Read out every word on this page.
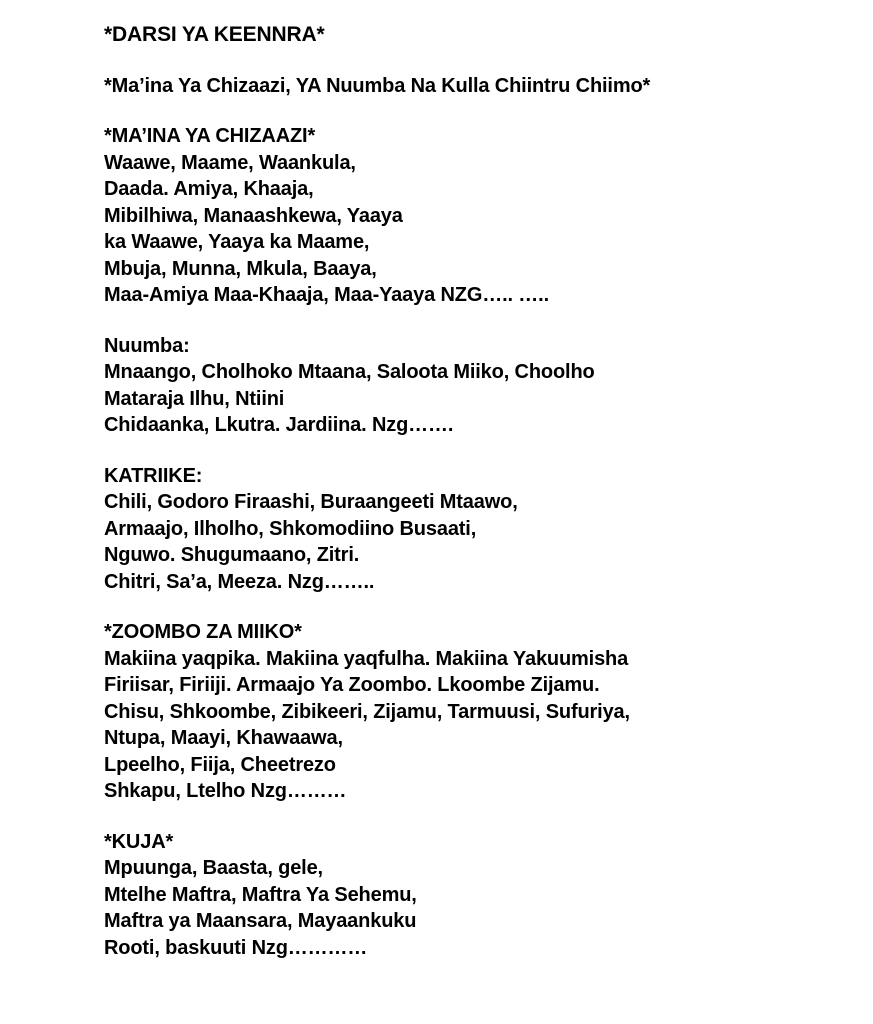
*DARSI YA KEENNRA*
*Ma’ina Ya Chizaazi, YA Nuumba Na Kulla Chiintru Chiimo*
*MA’INA YA CHIZAAZI*
Waawe, Maame, Waankula,
Daada. Amiya, Khaaja,
Mibilhiwa, Manaashkewa, Yaaya
ka Waawe, Yaaya ka Maame,
Mbuja, Munna, Mkula, Baaya,
Maa-Amiya Maa-Khaaja, Maa-Yaaya NZG….. …..
Nuumba:
Mnaango, Cholhoko Mtaana, Saloota Miiko, Choolho
Mataraja Ilhu, Ntiini
Chidaanka, Lkutra. Jardiina. Nzg…….
KATRIIKE:
Chili, Godoro Firaashi, Buraangeeti Mtaawo,
Armaajo, Ilholho, Shkomodiino Busaati,
Nguwo. Shugumaano, Zitri.
Chitri, Sa’a, Meeza. Nzg……..
*ZOOMBO ZA MIIKO*
Makiina yaqpika. Makiina yaqfulha. Makiina Yakuumisha
Firiisar, Firiiji. Armaajo Ya Zoombo. Lkoombe Zijamu.
Chisu, Shkoombe, Zibikeeri, Zijamu, Tarmuusi, Sufuriya,
Ntupa, Maayi, Khawaawa,
Lpeelho, Fiija, Cheetrezo
Shkapu, Ltelho Nzg………
*KUJA*
Mpuunga, Baasta, gele,
Mtelhe Maftra, Maftra Ya Sehemu,
Maftra ya Maansara, Mayaankuku
Rooti, baskuuti Nzg…………
